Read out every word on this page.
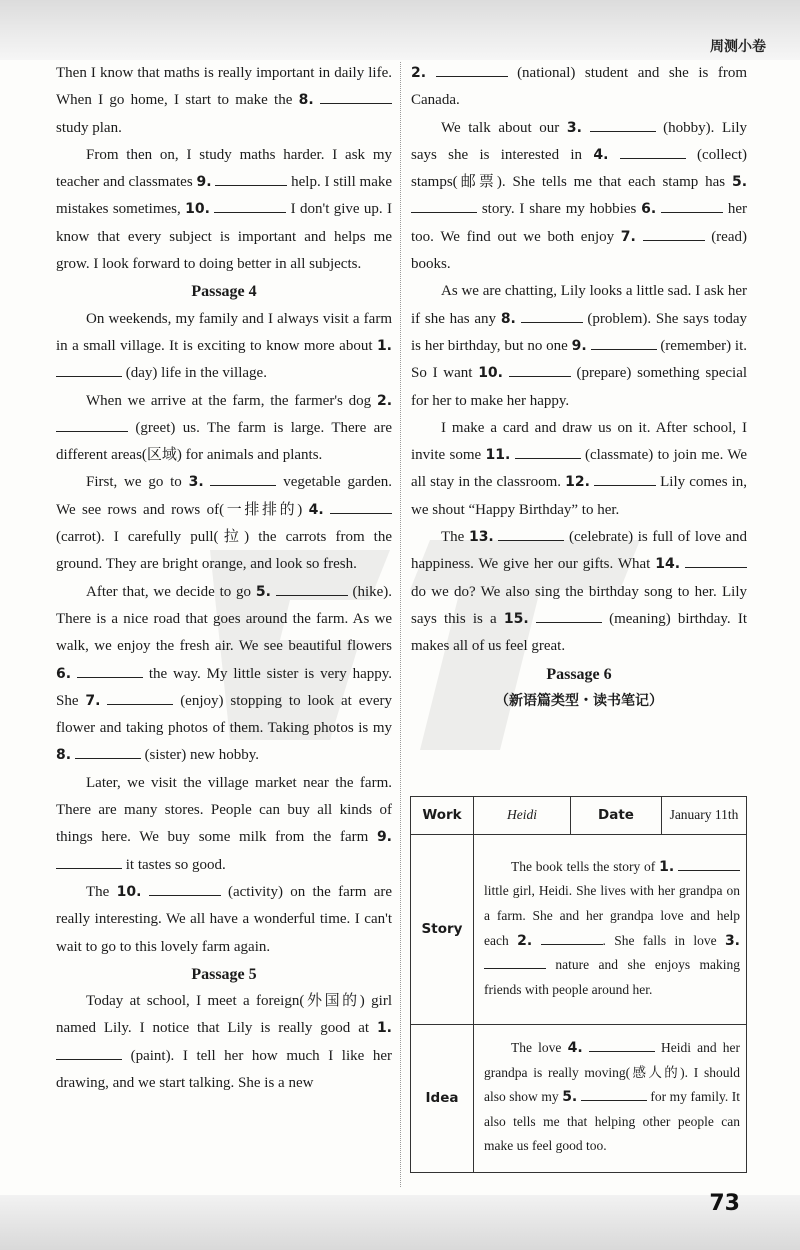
周测小卷

Then I know that maths is really important in daily life. When I go home, I start to make the 8.  study plan.

From then on, I study maths harder. I ask my teacher and classmates 9.	help. I still make mistakes sometimes, 10.	I don't give up. I know that every subject is important and helps me grow. I look forward to doing better in all subjects.

Passage 4

On weekends, my family and I always visit a farm in a small village. It is exciting to know more about 1.  (day) life in the village.

When we arrive at the farm, the farmer's dog 2.  (greet) us. The farm is large. There are different areas(区域) for animals and plants.

First, we go to 3.	vegetable garden. We see rows and rows of(一排排的) 4.  (carrot). I carefully pull(拉) the carrots from the ground. They are bright orange, and look so fresh.

After that, we decide to go 5.	(hike). There is a nice road that goes around the farm. As we walk, we enjoy the fresh air. We see beautiful flowers 6.	the way. My little sister is very happy. She 7.	(enjoy) stopping to look at every flower and taking photos of them. Taking photos is my 8.	(sister) new hobby.

Later, we visit the village market near the farm. There are many stores. People can buy all kinds of things here. We buy some milk from the farm 9.  it tastes so good.

The 10.	(activity) on the farm are really interesting. We all have a wonderful time. I can't wait to go to this lovely farm again.

Passage 5

Today at school, I meet a foreign(外国的) girl named Lily. I notice that Lily is really good at 1.  (paint). I tell her how much I like her drawing, and we start talking. She is a new

2.	(national) student and she is from Canada.

We talk about our 3.	(hobby). Lily says she is interested in 4.	(collect) stamps(邮票). She tells me that each stamp has 5.  story. I share my hobbies 6.	her too. We find out we both enjoy 7.	(read) books.

As we are chatting, Lily looks a little sad. I ask her if she has any 8.	(problem). She says today is her birthday, but no one 9.	(remember) it. So I want 10.	(prepare) something special for her to make her happy.

I make a card and draw us on it. After school, I invite some 11.	(classmate) to join me. We all stay in the classroom. 12.	Lily comes in, we shout “Happy Birthday” to her.

The 13.	(celebrate) is full of love and happiness. We give her our gifts. What 14.  do we do? We also sing the birthday song to her. Lily says this is a 15.	(meaning) birthday. It makes all of us feel great.

Passage 6

（新语篇类型・读书笔记）

Work	Heidi	Date	January 11th
Story	The book tells the story of 1.  little girl, Heidi. She lives with her grandpa on a farm. She and her grandpa love and help each 2. . She falls in love 3.  nature and she enjoys making friends with people around her.		
Idea	The love 4. Heidi and her grandpa is really moving(感人的). I should also show my 5. for my family. It also tells me that helping other people can make us feel good too.		
73
